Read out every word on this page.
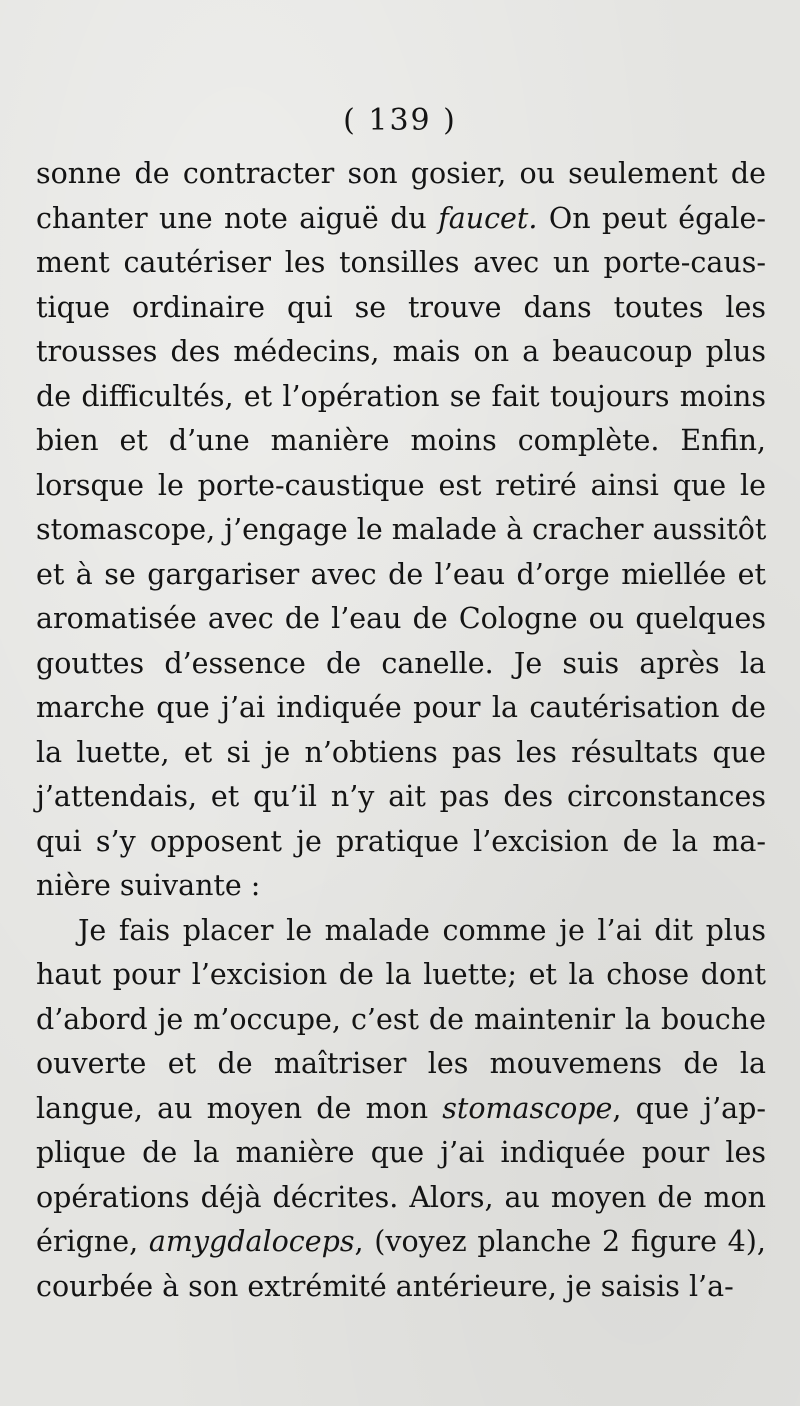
( 139 )
sonne de contracter son gosier, ou seulement de
chanter une note aiguë du faucet. On peut égale-
ment cautériser les tonsilles avec un porte-caus-
tique ordinaire qui se trouve dans toutes les
trousses des médecins, mais on a beaucoup plus
de difficultés, et l’opération se fait toujours moins
bien et d’une manière moins complète. Enfin,
lorsque le porte-caustique est retiré ainsi que le
stomascope, j’engage le malade à cracher aussitôt
et à se gargariser avec de l’eau d’orge miellée et
aromatisée avec de l’eau de Cologne ou quelques
gouttes d’essence de canelle. Je suis après la
marche que j’ai indiquée pour la cautérisation de
la luette, et si je n’obtiens pas les résultats que
j’attendais, et qu’il n’y ait pas des circonstances
qui s’y opposent je pratique l’excision de la ma-
nière suivante :
Je fais placer le malade comme je l’ai dit plus
haut pour l’excision de la luette; et la chose dont
d’abord je m’occupe, c’est de maintenir la bouche
ouverte et de maîtriser les mouvemens de la
langue, au moyen de mon stomascope, que j’ap-
plique de la manière que j’ai indiquée pour les
opérations déjà décrites. Alors, au moyen de mon
érigne, amygdaloceps, (voyez planche 2 figure 4),
courbée à son extrémité antérieure, je saisis l’a-
